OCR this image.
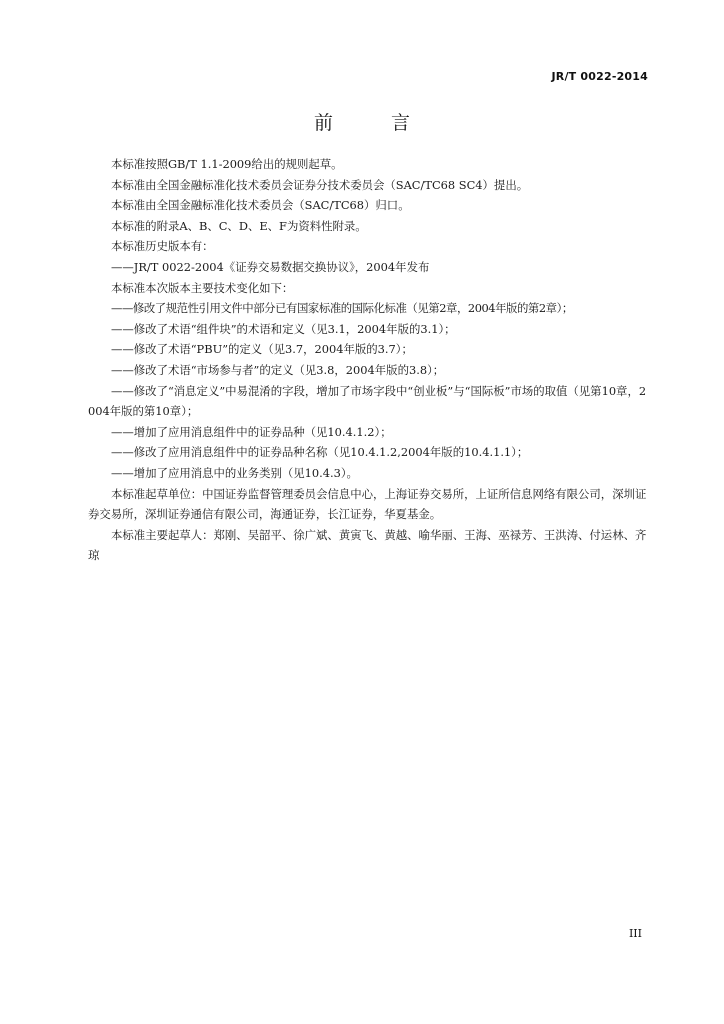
JR/T 0022-2014
前	言

本标准按照GB/T 1.1-2009给出的规则起草。

本标准由全国金融标准化技术委员会证券分技术委员会（SAC/TC68 SC4）提出。

本标准由全国金融标准化技术委员会（SAC/TC68）归口。

本标准的附录A、B、C、D、E、F为资料性附录。

本标准历史版本有：

——JR/T 0022-2004《证券交易数据交换协议》，2004年发布

本标准本次版本主要技术变化如下：

——修改了规范性引用文件中部分已有国家标准的国际化标准（见第2章，2004年版的第2章）；

——修改了术语“组件块”的术语和定义（见3.1，2004年版的3.1）；

——修改了术语“PBU”的定义（见3.7，2004年版的3.7）；

——修改了术语“市场参与者”的定义（见3.8，2004年版的3.8）；

——修改了“消息定义”中易混淆的字段，增加了市场字段中“创业板”与“国际板”市场的取值（见第10章，2004年版的第10章）；

——增加了应用消息组件中的证券品种（见10.4.1.2）；

——修改了应用消息组件中的证券品种名称（见10.4.1.2,2004年版的10.4.1.1）；

——增加了应用消息中的业务类别（见10.4.3）。

本标准起草单位：中国证券监督管理委员会信息中心，上海证券交易所，上证所信息网络有限公司，深圳证券交易所，深圳证券通信有限公司，海通证券，长江证券，华夏基金。

本标准主要起草人：郑刚、吴韶平、徐广斌、黄寅飞、黄越、喻华丽、王海、巫禄芳、王洪涛、付运林、齐琼

III
